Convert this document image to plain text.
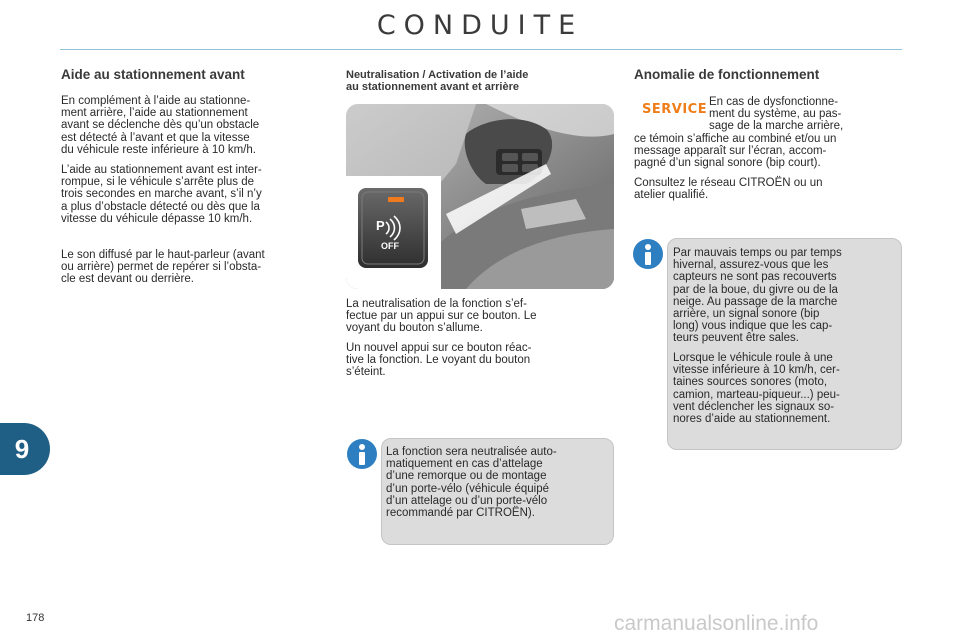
CONDUITE
Aide au stationnement avant

En complément à l’aide au stationne-
ment arrière, l’aide au stationnement
avant se déclenche dès qu’un obstacle
est détecté à l’avant et que la vitesse
du véhicule reste inférieure à 10 km/h.

L’aide au stationnement avant est inter-
rompue, si le véhicule s’arrête plus de
trois secondes en marche avant, s’il n’y
a plus d’obstacle détecté ou dès que la
vitesse du véhicule dépasse 10 km/h.

Le son diffusé par le haut-parleur (avant
ou arrière) permet de repérer si l’obsta-
cle est devant ou derrière.

Neutralisation / Activation de l’aide
au stationnement avant et arrière
P
OFF

La neutralisation de la fonction s’ef-
fectue par un appui sur ce bouton. Le
voyant du bouton s’allume.

Un nouvel appui sur ce bouton réac-
tive la fonction. Le voyant du bouton
s’éteint.

La fonction sera neutralisée auto-
matiquement en cas d’attelage
d’une remorque ou de montage
d’un porte-vélo (véhicule équipé
d’un attelage ou d’un porte-vélo
recommandé par CITROËN).

Anomalie de fonctionnement
SERVICE En cas de dysfonctionne-
ment du système, au pas-
sage de la marche arrière,

ce témoin s’affiche au combiné et/ou un
message apparaît sur l’écran, accom-
pagné d’un signal sonore (bip court).

Consultez le réseau CITROËN ou un
atelier qualifié.

Par mauvais temps ou par temps
hivernal, assurez-vous que les
capteurs ne sont pas recouverts
par de la boue, du givre ou de la
neige. Au passage de la marche
arrière, un signal sonore (bip
long) vous indique que les cap-
teurs peuvent être sales.

Lorsque le véhicule roule à une
vitesse inférieure à 10 km/h, cer-
taines sources sonores (moto,
camion, marteau-piqueur...) peu-
vent déclencher les signaux so-
nores d’aide au stationnement.

9
178	carmanualsonline.info
